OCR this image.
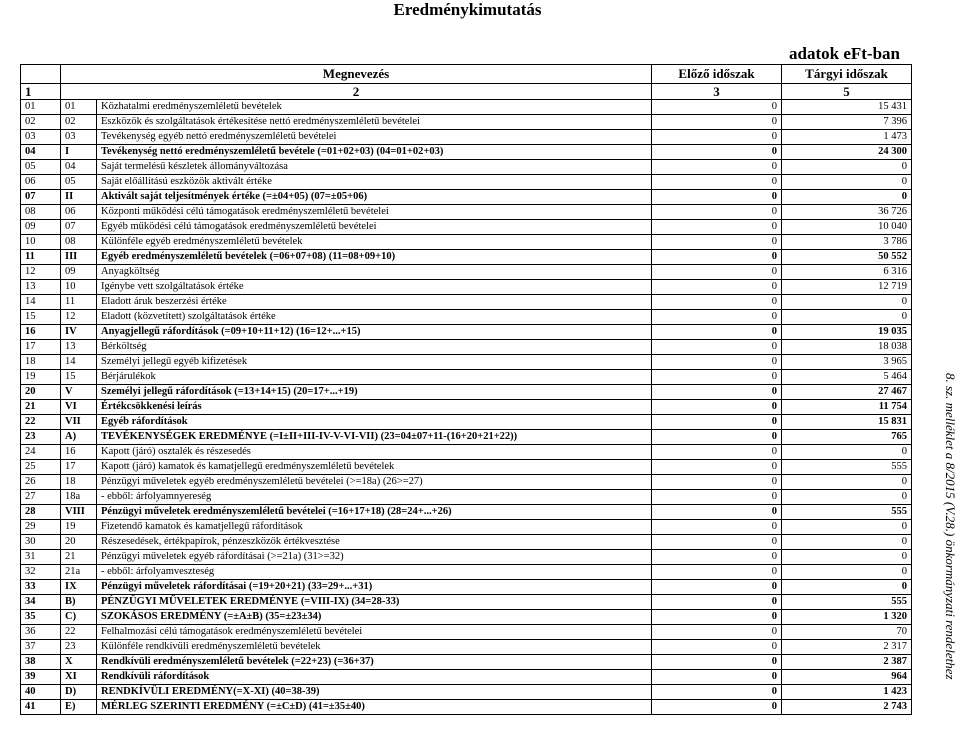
Eredménykimutatás
adatok eFt-ban
	Megnevezés		Előző időszak	Tárgyi időszak
1	2		3	5
01	01	Közhatalmi eredményszemléletű bevételek	0	15 431
02	02	Eszközök és szolgáltatások értékesítése nettó eredményszemléletű bevételei	0	7 396
03	03	Tevékenység egyéb nettó eredményszemléletű bevételei	0	1 473
04	I	Tevékenység nettó eredményszemléletű bevétele (=01+02+03) (04=01+02+03)	0	24 300
05	04	Saját termelésű készletek állományváltozása	0	0
06	05	Saját előállítású eszközök aktivált értéke	0	0
07	II	Aktivált saját teljesítmények értéke (=±04+05) (07=±05+06)	0	0
08	06	Központi működési célú támogatások eredményszemléletű bevételei	0	36 726
09	07	Egyéb működési célú támogatások eredményszemléletű bevételei	0	10 040
10	08	Különféle egyéb eredményszemléletű bevételek	0	3 786
11	III	Egyéb eredményszemléletű bevételek (=06+07+08) (11=08+09+10)	0	50 552
12	09	Anyagköltség	0	6 316
13	10	Igénybe vett szolgáltatások értéke	0	12 719
14	11	Eladott áruk beszerzési értéke	0	0
15	12	Eladott (közvetített) szolgáltatások értéke	0	0
16	IV	Anyagjellegű ráfordítások (=09+10+11+12) (16=12+...+15)	0	19 035
17	13	Bérköltség	0	18 038
18	14	Személyi jellegű egyéb kifizetések	0	3 965
19	15	Bérjárulékok	0	5 464
20	V	Személyi jellegű ráfordítások (=13+14+15) (20=17+...+19)	0	27 467
21	VI	Értékcsökkenési leírás	0	11 754
22	VII	Egyéb ráfordítások	0	15 831
23	A)	TEVÉKENYSÉGEK EREDMÉNYE (=I±II+III-IV-V-VI-VII) (23=04±07+11-(16+20+21+22))	0	765
24	16	Kapott (járó) osztalék és részesedés	0	0
25	17	Kapott (járó) kamatok és kamatjellegű eredményszemléletű bevételek	0	555
26	18	Pénzügyi műveletek egyéb eredményszemléletű bevételei (>=18a) (26>=27)	0	0
27	18a	- ebből: árfolyamnyereség	0	0
28	VIII	Pénzügyi műveletek eredményszemléletű bevételei (=16+17+18) (28=24+...+26)	0	555
29	19	Fizetendő kamatok és kamatjellegű ráfordítások	0	0
30	20	Részesedések, értékpapírok, pénzeszközök értékvesztése	0	0
31	21	Pénzügyi műveletek egyéb ráfordításai (>=21a) (31>=32)	0	0
32	21a	- ebből: árfolyamveszteség	0	0
33	IX	Pénzügyi műveletek ráfordításai (=19+20+21) (33=29+...+31)	0	0
34	B)	PÉNZÜGYI MŰVELETEK EREDMÉNYE (=VIII-IX) (34=28-33)	0	555
35	C)	SZOKÁSOS EREDMÉNY (=±A±B) (35=±23±34)	0	1 320
36	22	Felhalmozási célú támogatások eredményszemléletű bevételei	0	70
37	23	Különféle rendkívüli eredményszemléletű bevételek	0	2 317
38	X	Rendkívüli eredményszemléletű bevételek (=22+23) (=36+37)	0	2 387
39	XI	Rendkívüli ráfordítások	0	964
40	D)	RENDKÍVÜLI EREDMÉNY(=X-XI) (40=38-39)	0	1 423
41	E)	MÉRLEG SZERINTI EREDMÉNY (=±C±D) (41=±35±40)	0	2 743
8. sz. melléklet a 8/2015 (V.28.) önkormányzati rendelethez
